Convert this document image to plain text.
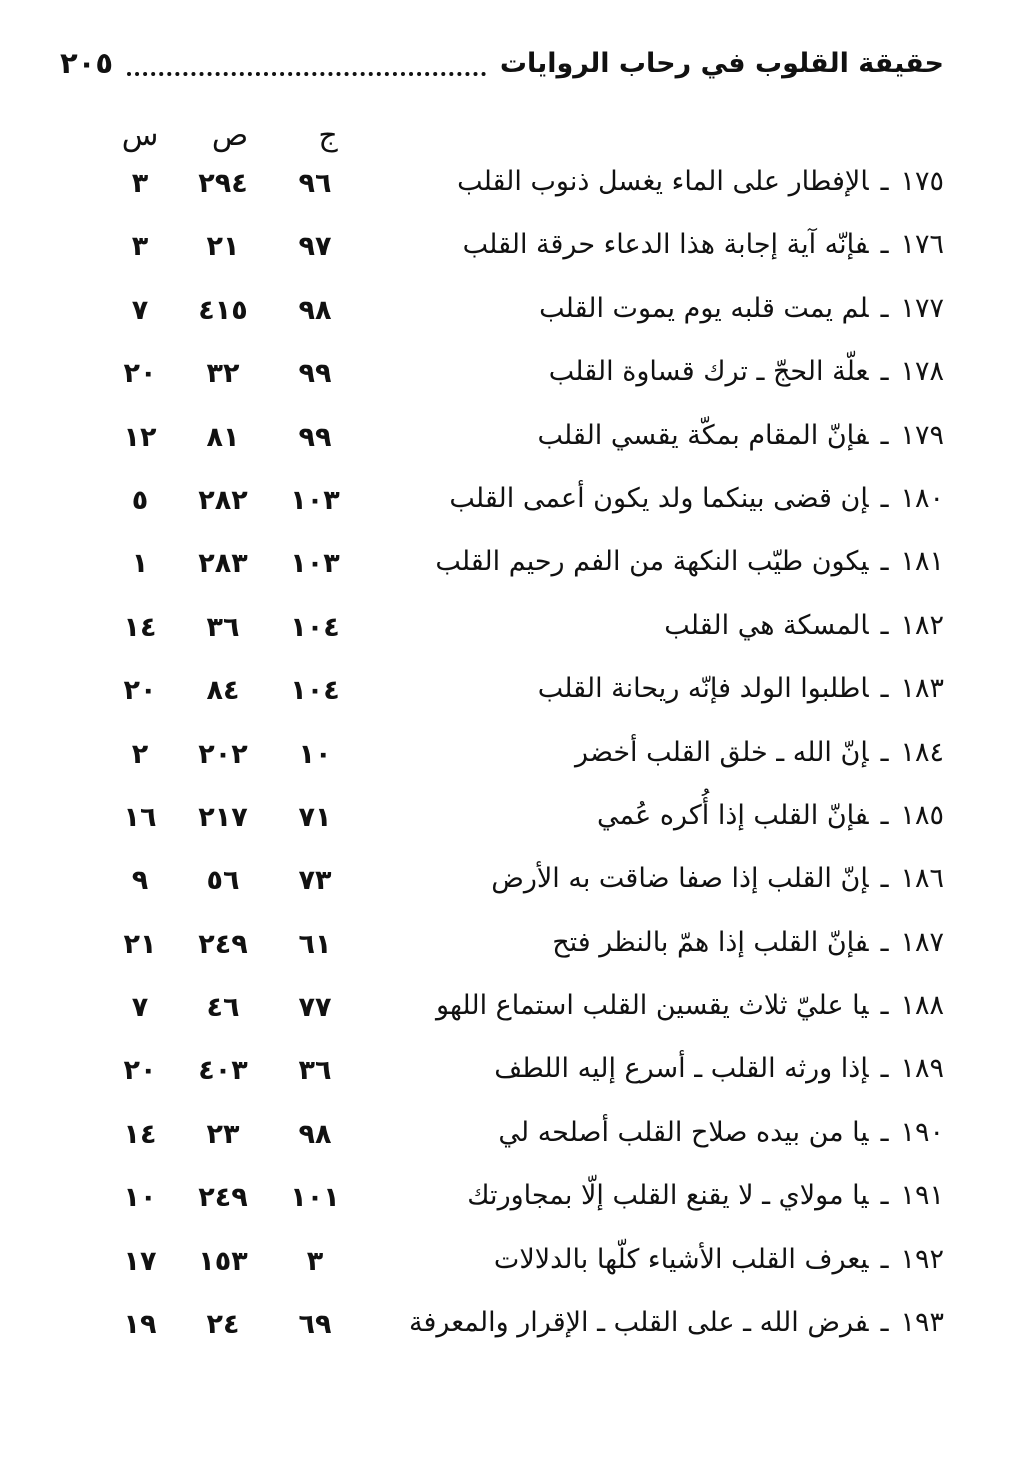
حقيقة القلوب في رحاب الروايات
٢٠٥
ج
ص
س
١٧٥ـالإفطار على الماء يغسل ذنوب القلب
٩٦
٢٩٤
٣
١٧٦ـفإنّه آية إجابة هذا الدعاء حرقة القلب
٩٧
٢١
٣
١٧٧ـلم يمت قلبه يوم يموت القلب
٩٨
٤١٥
٧
١٧٨ـعلّة الحجّ ـ ترك قساوة القلب
٩٩
٣٢
٢٠
١٧٩ـفإنّ المقام بمكّة يقسي القلب
٩٩
٨١
١٢
١٨٠ـإن قضى بينكما ولد يكون أعمى القلب
١٠٣
٢٨٢
٥
١٨١ـيكون طيّب النكهة من الفم رحيم القلب
١٠٣
٢٨٣
١
١٨٢ـالمسكة هي القلب
١٠٤
٣٦
١٤
١٨٣ـاطلبوا الولد فإنّه ريحانة القلب
١٠٤
٨٤
٢٠
١٨٤ـإنّ الله ـ خلق القلب أخضر
١٠
٢٠٢
٢
١٨٥ـفإنّ القلب إذا أُكره عُمي
٧١
٢١٧
١٦
١٨٦ـإنّ القلب إذا صفا ضاقت به الأرض
٧٣
٥٦
٩
١٨٧ـفإنّ القلب إذا همّ بالنظر فتح
٦١
٢٤٩
٢١
١٨٨ـيا عليّ ثلاث يقسين القلب استماع اللهو
٧٧
٤٦
٧
١٨٩ـإذا ورثه القلب ـ أسرع إليه اللطف
٣٦
٤٠٣
٢٠
١٩٠ـيا من بيده صلاح القلب أصلحه لي
٩٨
٢٣
١٤
١٩١ـيا مولاي ـ لا يقنع القلب إلّا بمجاورتك
١٠١
٢٤٩
١٠
١٩٢ـيعرف القلب الأشياء كلّها بالدلالات
٣
١٥٣
١٧
١٩٣ـفرض الله ـ على القلب ـ الإقرار والمعرفة
٦٩
٢٤
١٩
